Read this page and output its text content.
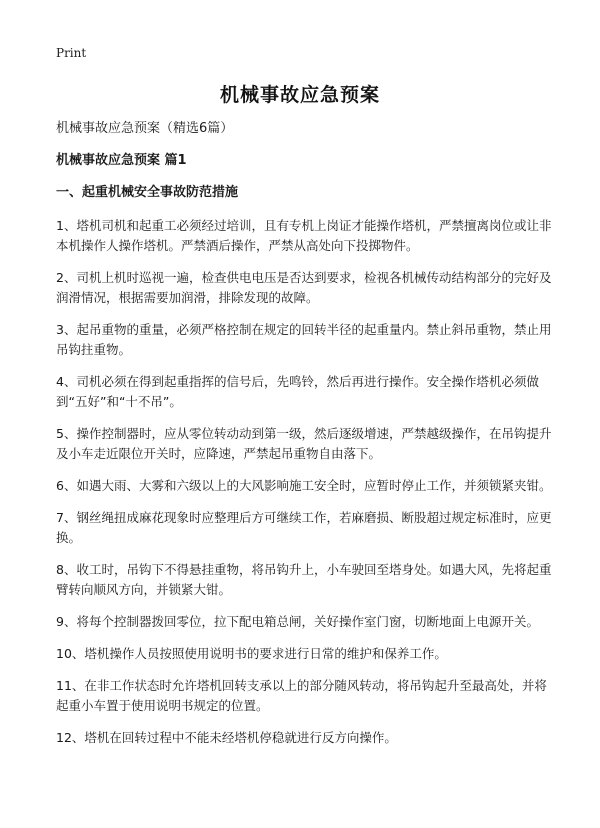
Print
机械事故应急预案

机械事故应急预案（精选6篇）

机械事故应急预案 篇1

一、起重机械安全事故防范措施

1、塔机司机和起重工必须经过培训，且有专机上岗证才能操作塔机，严禁擅离岗位或让非本机操作人操作塔机。严禁酒后操作，严禁从高处向下投掷物件。

2、司机上机时巡视一遍，检查供电电压是否达到要求，检视各机械传动结构部分的完好及润滑情况，根据需要加润滑，排除发现的故障。

3、起吊重物的重量，必须严格控制在规定的回转半径的起重量内。禁止斜吊重物，禁止用吊钩拄重物。

4、司机必须在得到起重指挥的信号后，先鸣铃，然后再进行操作。安全操作塔机必须做到“五好”和“十不吊”。

5、操作控制器时，应从零位转动动到第一级，然后逐级增速，严禁越级操作，在吊钩提升及小车走近限位开关时，应降速，严禁起吊重物自由落下。

6、如遇大雨、大雾和六级以上的大风影响施工安全时，应暂时停止工作，并须锁紧夹钳。

7、钢丝绳扭成麻花现象时应整理后方可继续工作，若麻磨损、断股超过规定标准时，应更换。

8、收工时，吊钩下不得悬挂重物，将吊钩升上，小车驶回至塔身处。如遇大风，先将起重臂转向顺风方向，并锁紧大钳。

9、将每个控制器拨回零位，拉下配电箱总闸，关好操作室门窗，切断地面上电源开关。

10、塔机操作人员按照使用说明书的要求进行日常的维护和保养工作。

11、在非工作状态时允许塔机回转支承以上的部分随风转动，将吊钩起升至最高处，并将起重小车置于使用说明书规定的位置。

12、塔机在回转过程中不能未经塔机停稳就进行反方向操作。
